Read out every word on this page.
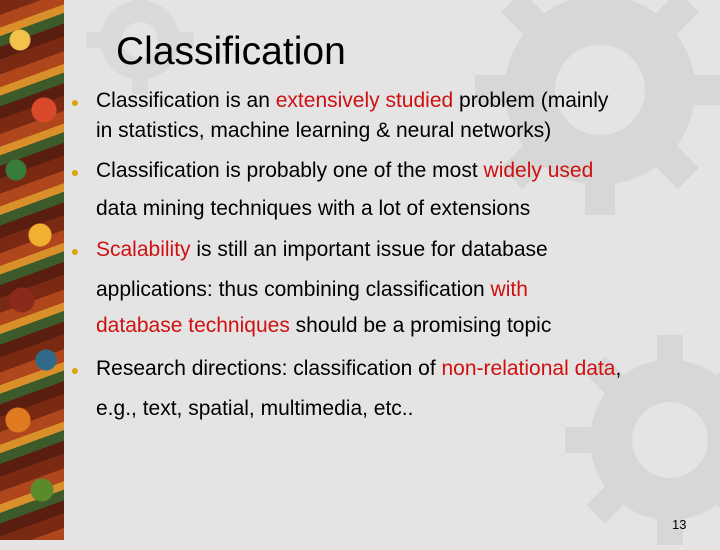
Classification
● Classification is an extensively studied problem (mainly
in statistics, machine learning & neural networks)
● Classification is probably one of the most widely used
data mining techniques with a lot of extensions
● Scalability is still an important issue for database
applications: thus combining classification with
database techniques should be a promising topic
● Research directions: classification of non-relational data,
e.g., text, spatial, multimedia, etc..
13
